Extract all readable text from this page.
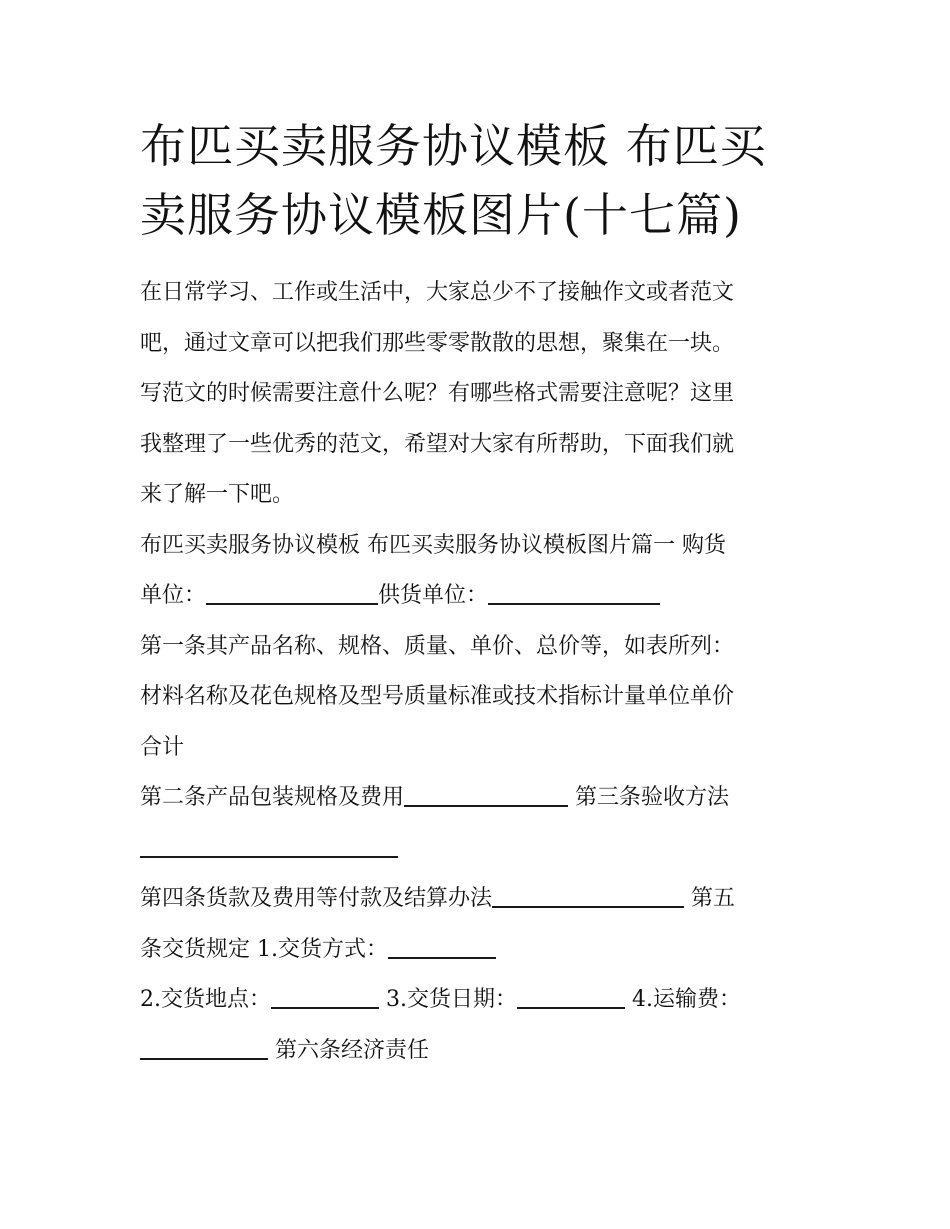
布匹买卖服务协议模板 布匹买
卖服务协议模板图片(十七篇)

在日常学习、工作或生活中，大家总少不了接触作文或者范文

吧，通过文章可以把我们那些零零散散的思想，聚集在一块。

写范文的时候需要注意什么呢？有哪些格式需要注意呢？这里

我整理了一些优秀的范文，希望对大家有所帮助，下面我们就

来了解一下吧。

布匹买卖服务协议模板 布匹买卖服务协议模板图片篇一 购货

单位：	供货单位：

第一条其产品名称、规格、质量、单价、总价等，如表所列：

材料名称及花色规格及型号质量标准或技术指标计量单位单价

合计

第二条产品包装规格及费用	第三条验收方法

第四条货款及费用等付款及结算办法	第五

条交货规定 1.交货方式：

2.交货地点：	3.交货日期：	4.运输费：

第六条经济责任
